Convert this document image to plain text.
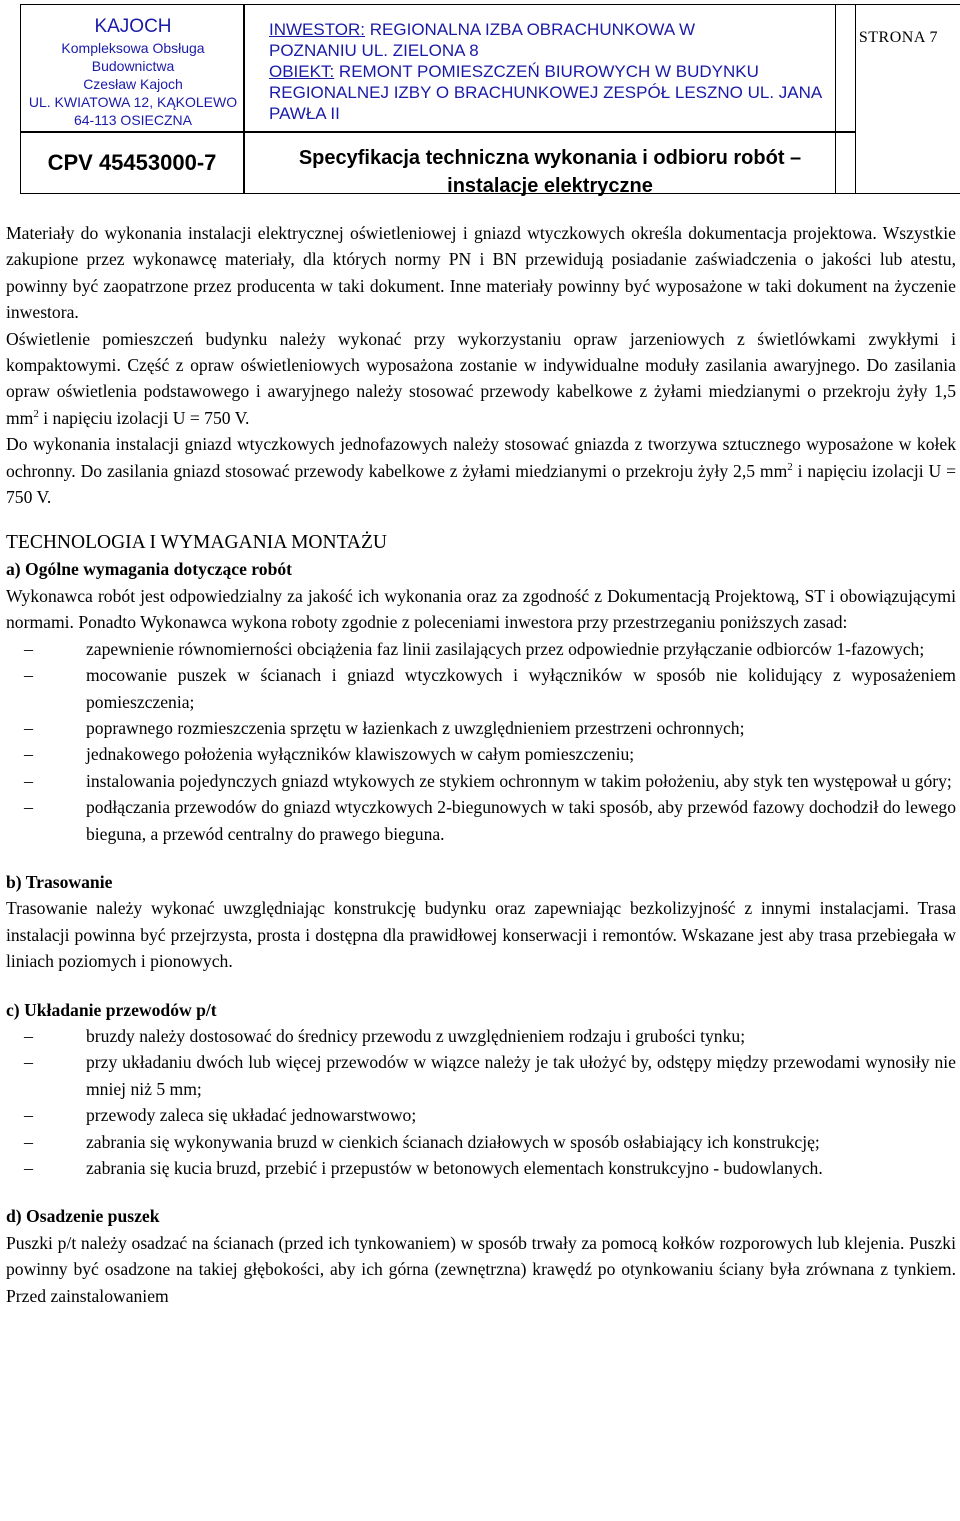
KAJOCH
Kompleksowa Obsługa
Budownictwa
Czesław Kajoch
UL. KWIATOWA 12, KĄKOLEWO
64-113 OSIECZNA
INWESTOR: REGIONALNA IZBA OBRACHUNKOWA W
POZNANIU UL. ZIELONA 8
OBIEKT: REMONT POMIESZCZEŃ BIUROWYCH W BUDYNKU
REGIONALNEJ IZBY O BRACHUNKOWEJ ZESPÓŁ LESZNO UL. JANA
PAWŁA II
CPV 45453000-7	Specyfikacja techniczna wykonania i odbioru robót –
instalacje elektryczne
STRONA 7

Materiały do wykonania instalacji elektrycznej oświetleniowej i gniazd wtyczkowych określa dokumentacja projektowa. Wszystkie zakupione przez wykonawcę materiały, dla których normy PN i BN przewidują posiadanie zaświadczenia o jakości lub atestu, powinny być zaopatrzone przez producenta w taki dokument. Inne materiały powinny być wyposażone w taki dokument na życzenie inwestora.

Oświetlenie pomieszczeń budynku należy wykonać przy wykorzystaniu opraw jarzeniowych z świetlówkami zwykłymi i kompaktowymi. Część z opraw oświetleniowych wyposażona zostanie w indywidualne moduły zasilania awaryjnego. Do zasilania opraw oświetlenia podstawowego i awaryjnego należy stosować przewody kabelkowe z żyłami miedzianymi o przekroju żyły 1,5 $mm^2$ i napięciu izolacji U = 750 V.

Do wykonania instalacji gniazd wtyczkowych jednofazowych należy stosować gniazda z tworzywa sztucznego wyposażone w kołek ochronny. Do zasilania gniazd stosować przewody kabelkowe z żyłami miedzianymi o przekroju żyły 2,5 $mm^2$ i napięciu izolacji U = 750 V.

TECHNOLOGIA I WYMAGANIA MONTAŻU
a) Ogólne wymagania dotyczące robót

Wykonawca robót jest odpowiedzialny za jakość ich wykonania oraz za zgodność z Dokumentacją Projektową, ST i obowiązującymi normami. Ponadto Wykonawca wykona roboty zgodnie z poleceniami inwestora przy przestrzeganiu poniższych zasad:

– zapewnienie równomierności obciążenia faz linii zasilających przez odpowiednie przyłączanie odbiorców 1-fazowych;
– mocowanie puszek w ścianach i gniazd wtyczkowych i wyłączników w sposób nie kolidujący z wyposażeniem pomieszczenia;
– poprawnego rozmieszczenia sprzętu w łazienkach z uwzględnieniem przestrzeni ochronnych;
– jednakowego położenia wyłączników klawiszowych w całym pomieszczeniu;
– instalowania pojedynczych gniazd wtykowych ze stykiem ochronnym w takim położeniu, aby styk ten występował u góry;
– podłączania przewodów do gniazd wtyczkowych 2-biegunowych w taki sposób, aby przewód fazowy dochodził do lewego bieguna, a przewód centralny do prawego bieguna.
b) Trasowanie

Trasowanie należy wykonać uwzględniając konstrukcję budynku oraz zapewniając bezkolizyjność z innymi instalacjami. Trasa instalacji powinna być przejrzysta, prosta i dostępna dla prawidłowej konserwacji i remontów. Wskazane jest aby trasa przebiegała w liniach poziomych i pionowych.

c) Układanie przewodów p/t
– bruzdy należy dostosować do średnicy przewodu z uwzględnieniem rodzaju i grubości tynku;
– przy układaniu dwóch lub więcej przewodów w wiązce należy je tak ułożyć by, odstępy między przewodami wynosiły nie mniej niż 5 mm;
– przewody zaleca się układać jednowarstwowo;
– zabrania się wykonywania bruzd w cienkich ścianach działowych w sposób osłabiający ich konstrukcję;
– zabrania się kucia bruzd, przebić i przepustów w betonowych elementach konstrukcyjno - budowlanych.
d) Osadzenie puszek

Puszki p/t należy osadzać na ścianach (przed ich tynkowaniem) w sposób trwały za pomocą kołków rozporowych lub klejenia. Puszki powinny być osadzone na takiej głębokości, aby ich górna (zewnętrzna) krawędź po otynkowaniu ściany była zrównana z tynkiem. Przed zainstalowaniem
